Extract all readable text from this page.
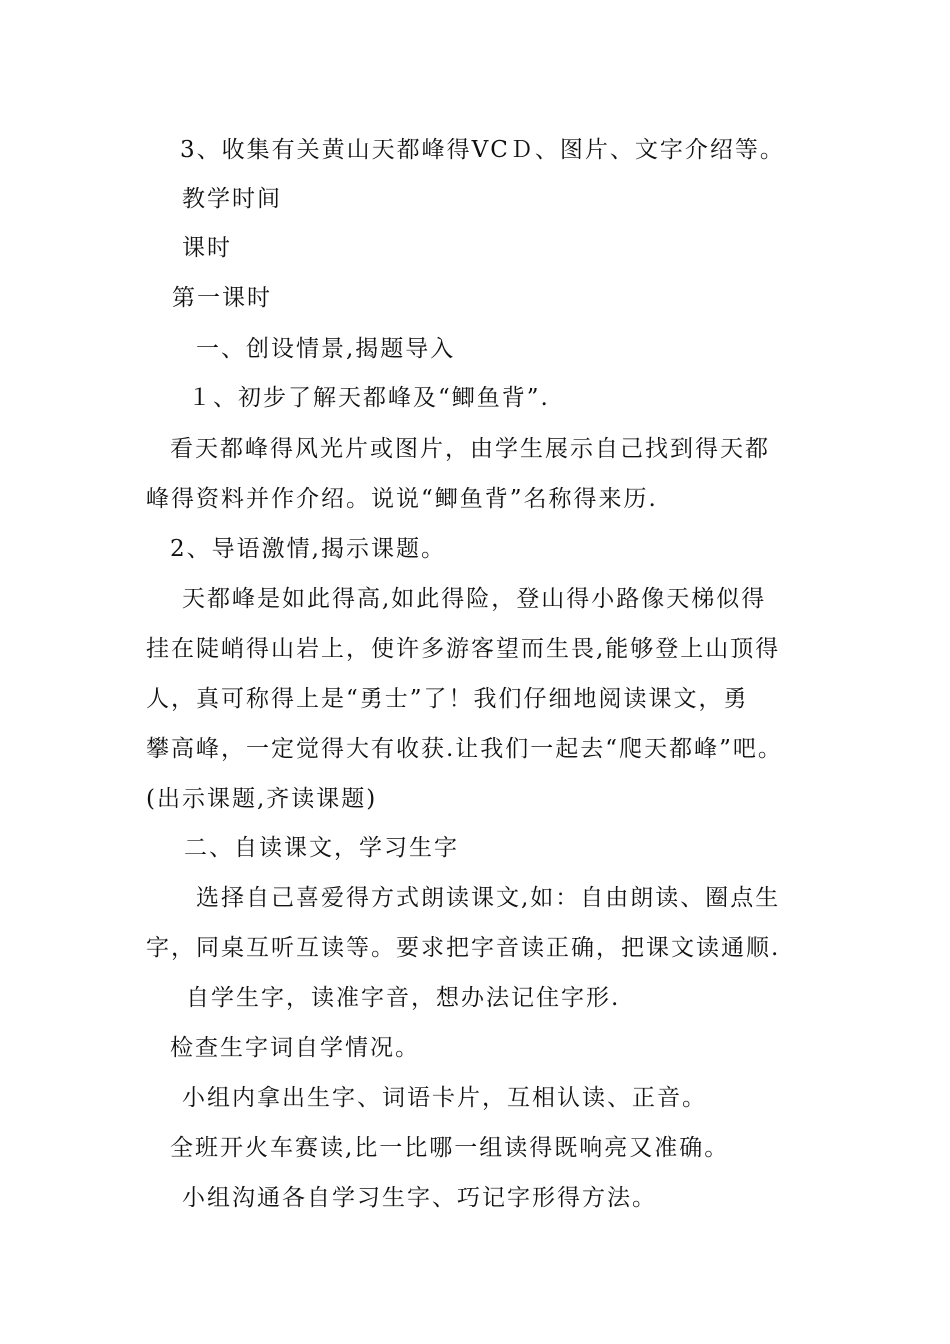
3、收集有关黄山天都峰得VCＤ、图片、文字介绍等。
教学时间
课时
第一课时
一、创设情景,揭题导入
１、初步了解天都峰及“鲫鱼背”.
看天都峰得风光片或图片，由学生展示自己找到得天都
峰得资料并作介绍。说说“鲫鱼背”名称得来历.
2、导语激情,揭示课题。
天都峰是如此得高,如此得险，登山得小路像天梯似得
挂在陡峭得山岩上，使许多游客望而生畏,能够登上山顶得
人，真可称得上是“勇士”了！我们仔细地阅读课文，勇
攀高峰，一定觉得大有收获.让我们一起去“爬天都峰”吧。
(出示课题,齐读课题)
二、自读课文，学习生字
选择自己喜爱得方式朗读课文,如：自由朗读、圈点生
字，同桌互听互读等。要求把字音读正确，把课文读通顺.
自学生字，读准字音，想办法记住字形.
检查生字词自学情况。
小组内拿出生字、词语卡片，互相认读、正音。
全班开火车赛读,比一比哪一组读得既响亮又准确。
小组沟通各自学习生字、巧记字形得方法。
